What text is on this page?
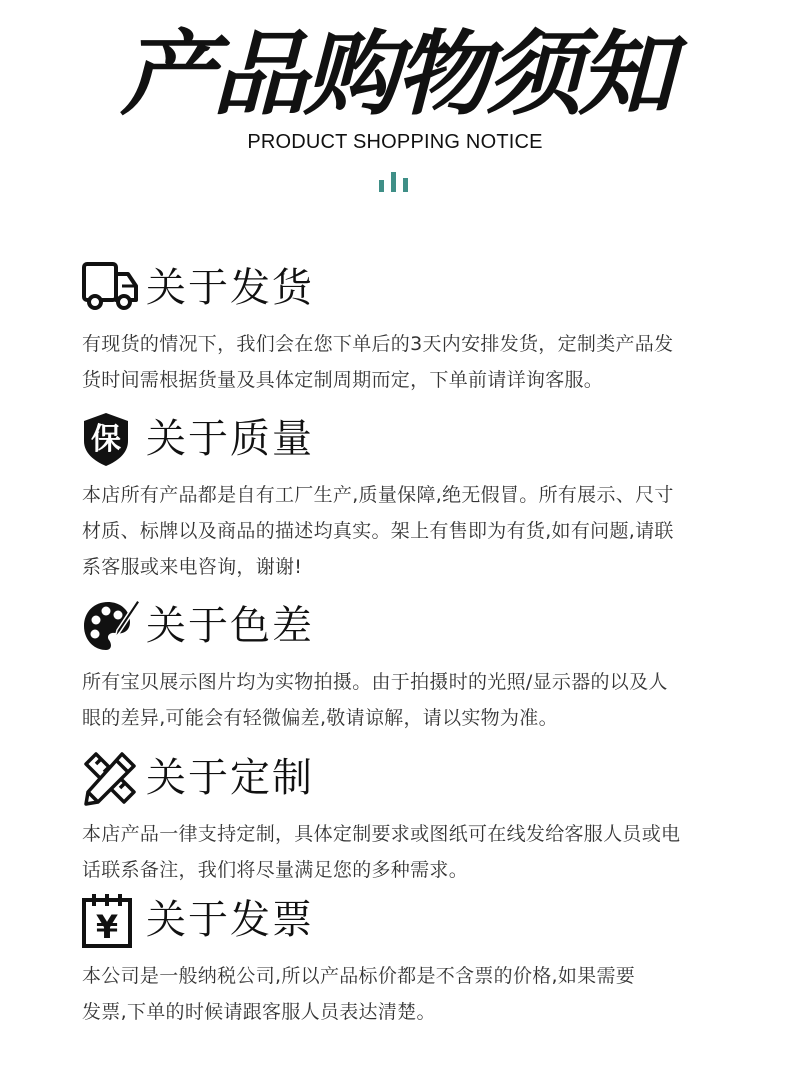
产品购物须知
PRODUCT SHOPPING NOTICE
关于发货
有现货的情况下，我们会在您下单后的3天内安排发货，定制类产品发
货时间需根据货量及具体定制周期而定，下单前请详询客服。
保 关于质量
本店所有产品都是自有工厂生产,质量保障,绝无假冒。所有展示、尺寸
材质、标牌以及商品的描述均真实。架上有售即为有货,如有问题,请联
系客服或来电咨询，谢谢!
关于色差
所有宝贝展示图片均为实物拍摄。由于拍摄时的光照/显示器的以及人
眼的差异,可能会有轻微偏差,敬请谅解，请以实物为准。
关于定制
本店产品一律支持定制，具体定制要求或图纸可在线发给客服人员或电
话联系备注，我们将尽量满足您的多种需求。
¥ 关于发票
本公司是一般纳税公司,所以产品标价都是不含票的价格,如果需要
发票,下单的时候请跟客服人员表达清楚。
